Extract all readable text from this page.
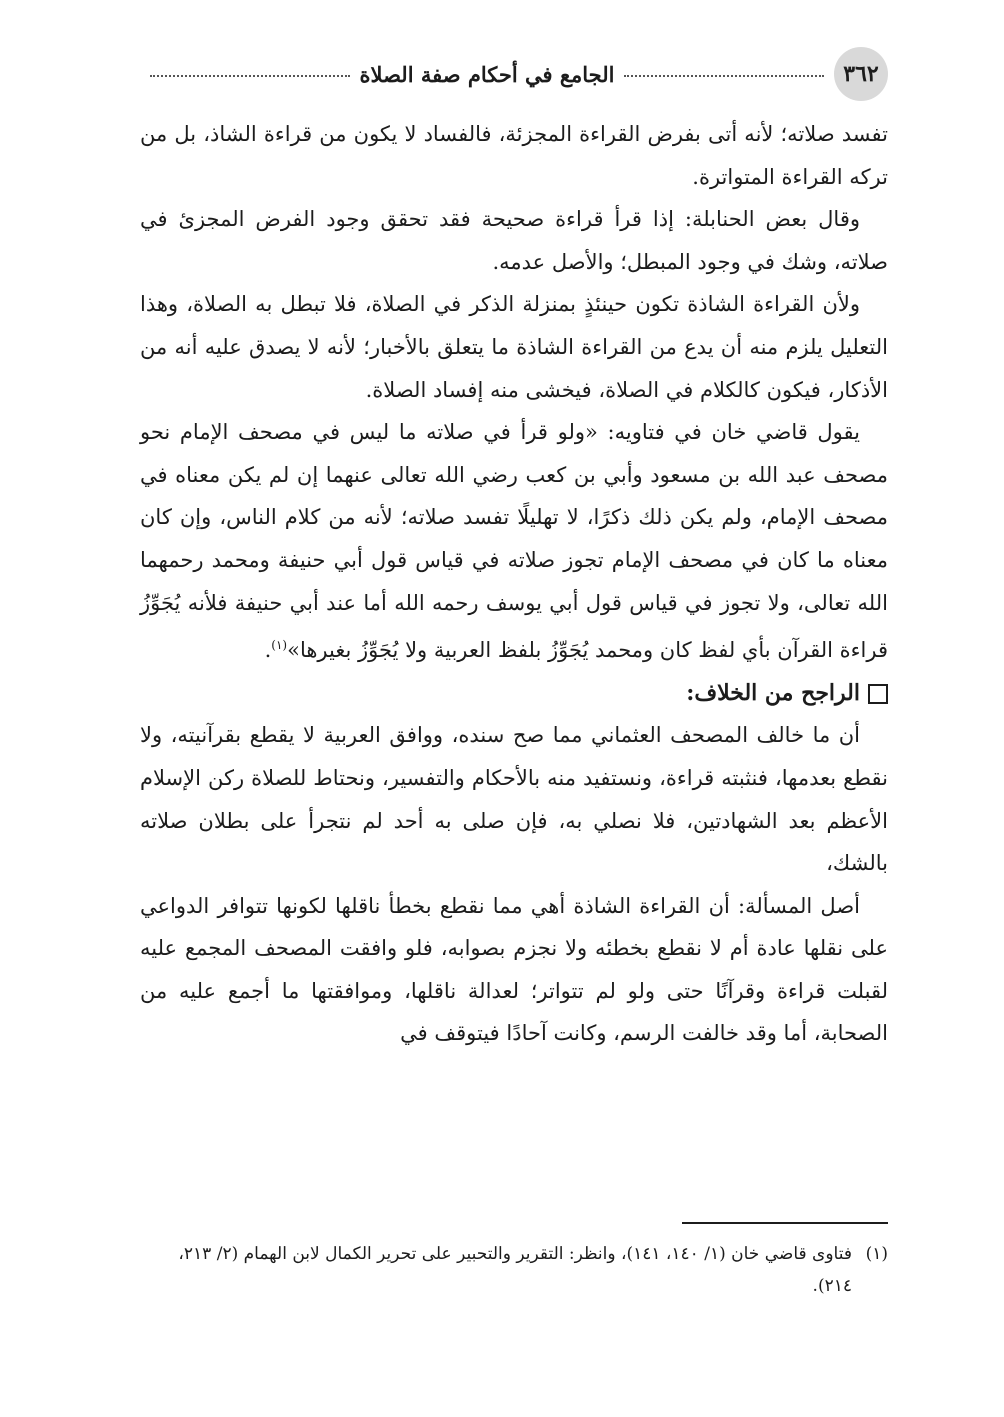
٣٦٢
الجامع في أحكام صفة الصلاة

تفسد صلاته؛ لأنه أتى بفرض القراءة المجزئة، فالفساد لا يكون من قراءة الشاذ، بل من تركه القراءة المتواترة.

وقال بعض الحنابلة: إذا قرأ قراءة صحيحة فقد تحقق وجود الفرض المجزئ في صلاته، وشك في وجود المبطل؛ والأصل عدمه.

ولأن القراءة الشاذة تكون حينئذٍ بمنزلة الذكر في الصلاة، فلا تبطل به الصلاة، وهذا التعليل يلزم منه أن يدع من القراءة الشاذة ما يتعلق بالأخبار؛ لأنه لا يصدق عليه أنه من الأذكار، فيكون كالكلام في الصلاة، فيخشى منه إفساد الصلاة.

يقول قاضي خان في فتاويه: «ولو قرأ في صلاته ما ليس في مصحف الإمام نحو مصحف عبد الله بن مسعود وأبي بن كعب رضي الله تعالى عنهما إن لم يكن معناه في مصحف الإمام، ولم يكن ذلك ذكرًا، لا تهليلًا تفسد صلاته؛ لأنه من كلام الناس، وإن كان معناه ما كان في مصحف الإمام تجوز صلاته في قياس قول أبي حنيفة ومحمد رحمهما الله تعالى، ولا تجوز في قياس قول أبي يوسف رحمه الله أما عند أبي حنيفة فلأنه يُجَوِّزُ قراءة القرآن بأي لفظ كان ومحمد يُجَوِّزُ بلفظ العربية ولا يُجَوِّزُ بغيرها»$^{(١)}$.

الراجح من الخلاف:

أن ما خالف المصحف العثماني مما صح سنده، ووافق العربية لا يقطع بقرآنيته، ولا نقطع بعدمها، فنثبته قراءة، ونستفيد منه بالأحكام والتفسير، ونحتاط للصلاة ركن الإسلام الأعظم بعد الشهادتين، فلا نصلي به، فإن صلى به أحد لم نتجرأ على بطلان صلاته بالشك،

أصل المسألة: أن القراءة الشاذة أهي مما نقطع بخطأ ناقلها لكونها تتوافر الدواعي على نقلها عادة أم لا نقطع بخطئه ولا نجزم بصوابه، فلو وافقت المصحف المجمع عليه لقبلت قراءة وقرآنًا حتى ولو لم تتواتر؛ لعدالة ناقلها، وموافقتها ما أجمع عليه من الصحابة، أما وقد خالفت الرسم، وكانت آحادًا فيتوقف في

(١)
فتاوى قاضي خان (١/ ١٤٠، ١٤١)، وانظر: التقرير والتحبير على تحرير الكمال لابن الهمام (٢/ ٢١٣، ٢١٤).
